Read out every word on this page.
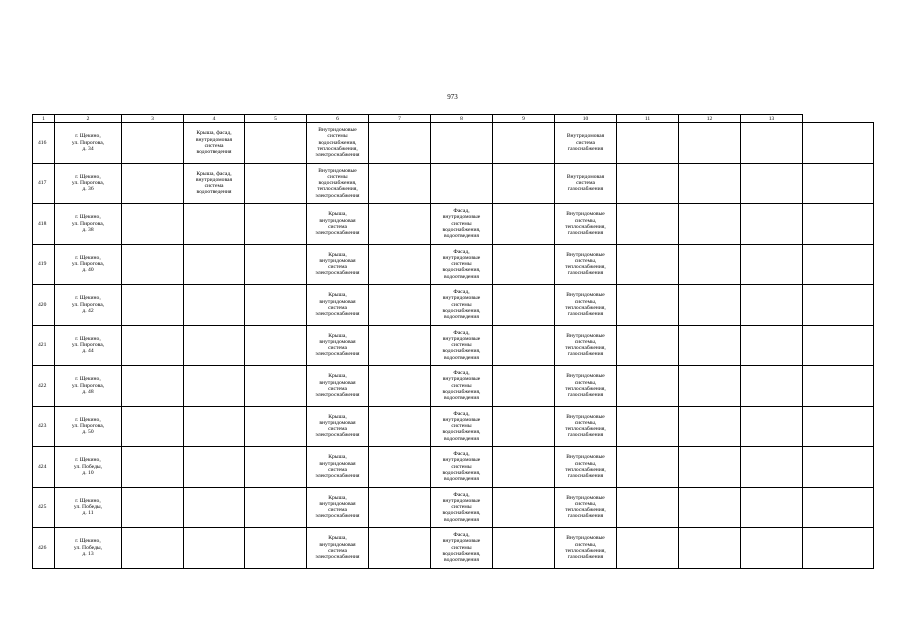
973
1	2	3	4	5	6	7	8	9	10	11	12	13	

416	г. Щекино,
ул. Пирогова,
д. 34		Крыша, фасад,
внутридомовая
система
водоотведения		Внутридомовые
системы
водоснабжения,
теплоснабжения,
электроснабжения				Внутридомовая
система
газоснабжения				

417	г. Щекино,
ул. Пирогова,
д. 36		Крыша, фасад,
внутридомовая
система
водоотведения		Внутридомовые
системы
водоснабжения,
теплоснабжения,
электроснабжения				Внутридомовая
система
газоснабжения				

418	г. Щекино,
ул. Пирогова,
д. 38				Крыша,
внутридомовая
система
электроснабжения		Фасад,
внутридомовые
системы
водоснабжения,
водоотведения		Внутридомовые
системы,
теплоснабжения,
газоснабжения				

419	г. Щекино,
ул. Пирогова,
д. 40				Крыша,
внутридомовая
система
электроснабжения		Фасад,
внутридомовые
системы
водоснабжения,
водоотведения		Внутридомовые
системы,
теплоснабжения,
газоснабжения				

420	г. Щекино,
ул. Пирогова,
д. 42				Крыша,
внутридомовая
система
электроснабжения		Фасад,
внутридомовые
системы
водоснабжения,
водоотведения		Внутридомовые
системы,
теплоснабжения,
газоснабжения				

421	г. Щекино,
ул. Пирогова,
д. 44				Крыша,
внутридомовая
система
электроснабжения		Фасад,
внутридомовые
системы
водоснабжения,
водоотведения		Внутридомовые
системы,
теплоснабжения,
газоснабжения				

422	г. Щекино,
ул. Пирогова,
д. 48				Крыша,
внутридомовая
система
электроснабжения		Фасад,
внутридомовые
системы
водоснабжения,
водоотведения		Внутридомовые
системы,
теплоснабжения,
газоснабжения				

423	г. Щекино,
ул. Пирогова,
д. 50				Крыша,
внутридомовая
система
электроснабжения		Фасад,
внутридомовые
системы
водоснабжения,
водоотведения		Внутридомовые
системы,
теплоснабжения,
газоснабжения				

424	г. Щекино,
ул. Победы,
д. 10				Крыша,
внутридомовая
система
электроснабжения		Фасад,
внутридомовые
системы
водоснабжения,
водоотведения		Внутридомовые
системы,
теплоснабжения,
газоснабжения				

425	г. Щекино,
ул. Победы,
д. 11				Крыша,
внутридомовая
система
электроснабжения		Фасад,
внутридомовые
системы
водоснабжения,
водоотведения		Внутридомовые
системы,
теплоснабжения,
газоснабжения				

426	г. Щекино,
ул. Победы,
д. 13				Крыша,
внутридомовая
система
электроснабжения		Фасад,
внутридомовые
системы
водоснабжения,
водоотведения		Внутридомовые
системы,
теплоснабжения,
газоснабжения				
